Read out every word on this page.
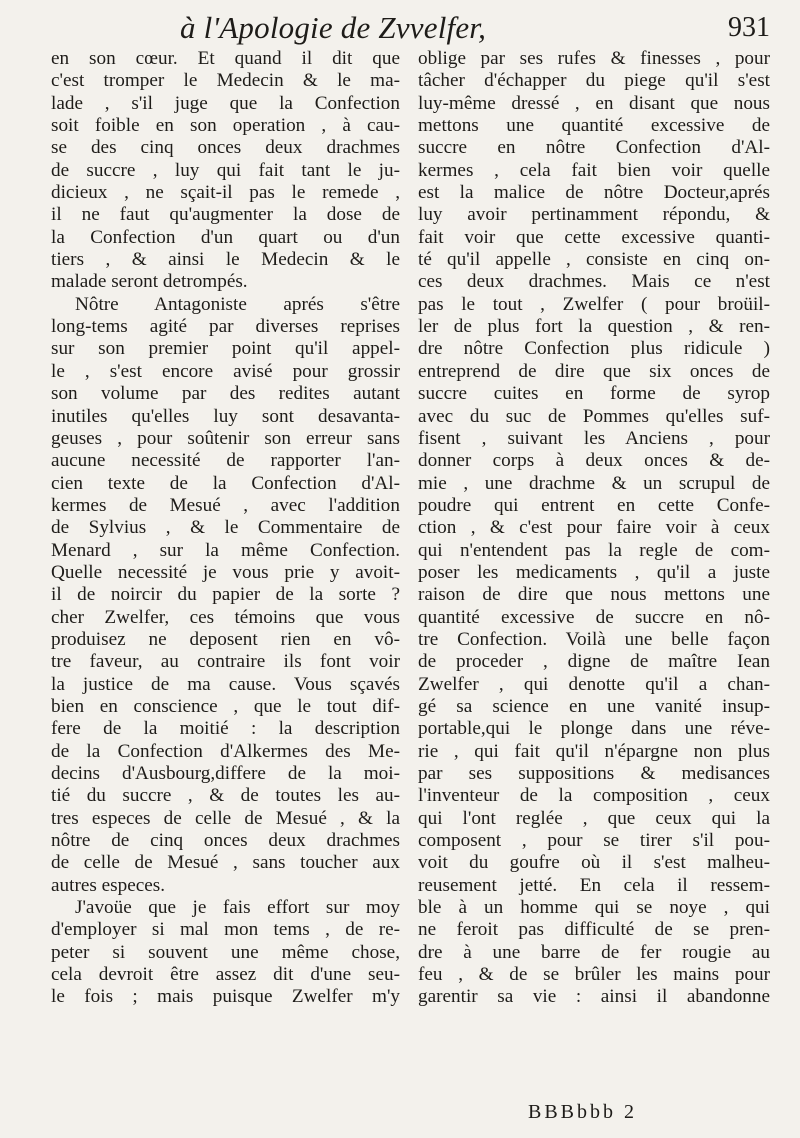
à l'Apologie de Zvvelfer,	931
en son cœur. Et quand il dit que
c'est tromper le Medecin & le ma-
lade , s'il juge que la Confection
soit foible en son operation , à cau-
se des cinq onces deux drachmes
de succre , luy qui fait tant le ju-
dicieux , ne sçait-il pas le remede ,
il ne faut qu'augmenter la dose de
la Confection d'un quart ou d'un
tiers , & ainsi le Medecin & le
malade seront detrompés.
Nôtre Antagoniste aprés s'être
long-tems agité par diverses reprises
sur son premier point qu'il appel-
le , s'est encore avisé pour grossir
son volume par des redites autant
inutiles qu'elles luy sont desavanta-
geuses , pour soûtenir son erreur sans
aucune necessité de rapporter l'an-
cien texte de la Confection d'Al-
kermes de Mesué , avec l'addition
de Sylvius , & le Commentaire de
Menard , sur la même Confection.
Quelle necessité je vous prie y avoit-
il de noircir du papier de la sorte ?
cher Zwelfer, ces témoins que vous
produisez ne deposent rien en vô-
tre faveur, au contraire ils font voir
la justice de ma cause. Vous sçavés
bien en conscience , que le tout dif-
fere de la moitié : la description
de la Confection d'Alkermes des Me-
decins d'Ausbourg,differe de la moi-
tié du succre , & de toutes les au-
tres especes de celle de Mesué , & la
nôtre de cinq onces deux drachmes
de celle de Mesué , sans toucher aux
autres especes.
J'avoüe que je fais effort sur moy
d'employer si mal mon tems , de re-
peter si souvent une même chose,
cela devroit être assez dit d'une seu-
le fois ; mais puisque Zwelfer m'y
oblige par ses rufes & finesses , pour
tâcher d'échapper du piege qu'il s'est
luy-même dressé , en disant que nous
mettons une quantité excessive de
succre en nôtre Confection d'Al-
kermes , cela fait bien voir quelle
est la malice de nôtre Docteur,aprés
luy avoir pertinamment répondu, &
fait voir que cette excessive quanti-
té qu'il appelle , consiste en cinq on-
ces deux drachmes. Mais ce n'est
pas le tout , Zwelfer ( pour broüil-
ler de plus fort la question , & ren-
dre nôtre Confection plus ridicule )
entreprend de dire que six onces de
succre cuites en forme de syrop
avec du suc de Pommes qu'elles suf-
fisent , suivant les Anciens , pour
donner corps à deux onces & de-
mie , une drachme & un scrupul de
poudre qui entrent en cette Confe-
ction , & c'est pour faire voir à ceux
qui n'entendent pas la regle de com-
poser les medicaments , qu'il a juste
raison de dire que nous mettons une
quantité excessive de succre en nô-
tre Confection. Voilà une belle façon
de proceder , digne de maître Iean
Zwelfer , qui denotte qu'il a chan-
gé sa science en une vanité insup-
portable,qui le plonge dans une réve-
rie , qui fait qu'il n'épargne non plus
par ses suppositions & medisances
l'inventeur de la composition , ceux
qui l'ont reglée , que ceux qui la
composent , pour se tirer s'il pou-
voit du goufre où il s'est malheu-
reusement jetté. En cela il ressem-
ble à un homme qui se noye , qui
ne feroit pas difficulté de se pren-
dre à une barre de fer rougie au
feu , & de se brûler les mains pour
garentir sa vie : ainsi il abandonne
BBBbbb 2
